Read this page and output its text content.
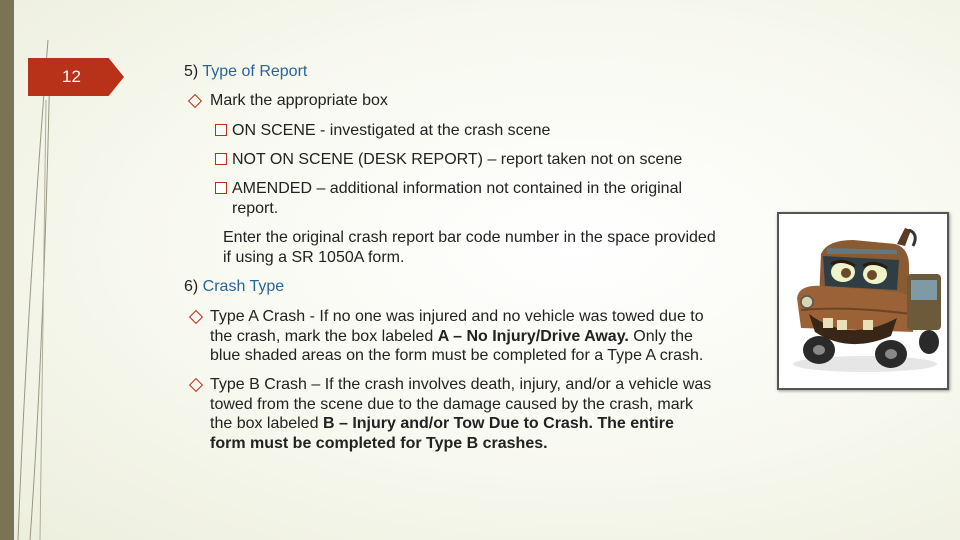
12	5) Type of Report
Mark the appropriate box
ON SCENE - investigated at the crash scene
NOT ON SCENE (DESK REPORT) – report taken not on scene
AMENDED – additional information not contained in the original
report.
Enter the original crash report bar code number in the space provided
if using a SR 1050A form.
6) Crash Type
Type A Crash - If no one was injured and no vehicle was towed due to
the crash, mark the box labeled A – No Injury/Drive Away. Only the
blue shaded areas on the form must be completed for a Type A crash.
Type B Crash – If the crash involves death, injury, and/or a vehicle was
towed from the scene due to the damage caused by the crash, mark
the box labeled B – Injury and/or Tow Due to Crash. The entire
form must be completed for Type B crashes.
